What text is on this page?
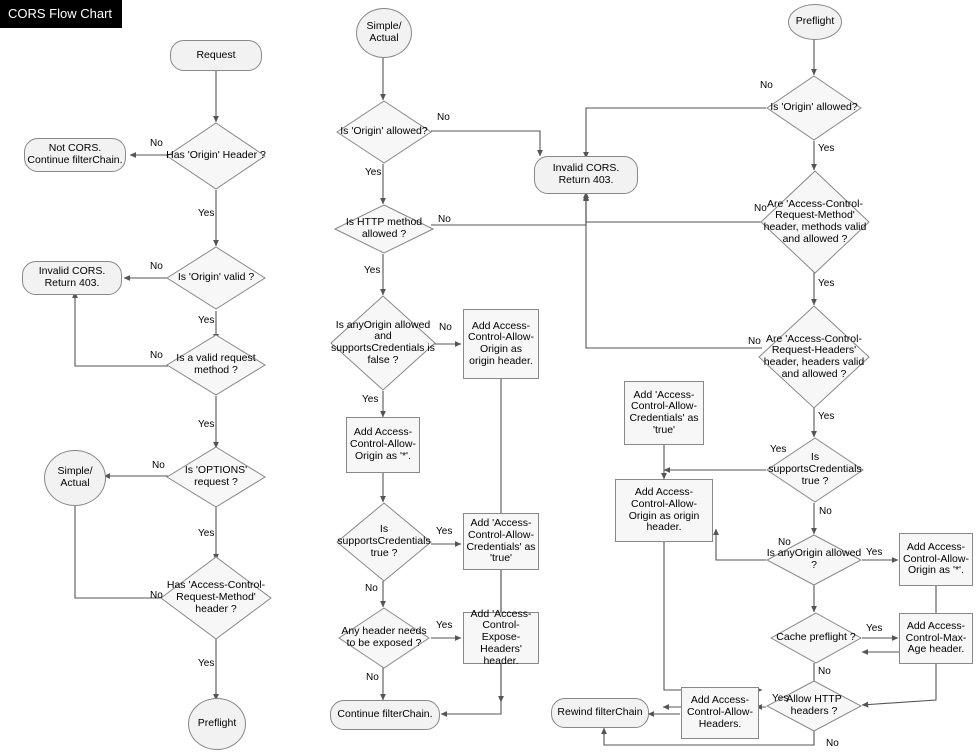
CORS Flow Chart
Request
Has 'Origin' Header ?
Not CORS. Continue filterChain.
Is 'Origin' valid ?
Invalid CORS. Return 403.
Is a valid request method ?
Is 'OPTIONS' request ?
Simple/ Actual
Has 'Access-Control-Request-Method' header ?
Preflight
No
Yes
No
Yes
No
Yes
No
Yes
No
Yes
Simple/ Actual
Is 'Origin' allowed?
Invalid CORS. Return 403.
Is HTTP method allowed ?
Is anyOrigin allowed and supportsCredentials is false ?
Add Access-Control-Allow-Origin as origin header.
Add Access-Control-Allow-Origin as '*'.
Is supportsCredentials true ?
Add 'Access-Control-Allow-Credentials' as 'true'
Any header needs to be exposed ?
Add 'Access-Control-Expose-Headers' header.
Continue filterChain.
No
Yes
No
Yes
No
Yes
Yes
No
Yes
No
Preflight
Is 'Origin' allowed?
Are 'Access-Control-Request-Method' header, methods valid and allowed ?
Are 'Access-Control-Request-Headers' header, headers valid and allowed ?
Add 'Access-Control-Allow-Credentials' as 'true'
Is supportsCredentials true ?
Add Access-Control-Allow-Origin as origin header.
Is anyOrigin allowed ?
Add Access-Control-Allow-Origin as '*'.
Cache preflight ?
Add Access-Control-Max-Age header.
Allow HTTP headers ?
Add Access-Control-Allow-Headers.
Rewind filterChain
No
Yes
No
Yes
No
Yes
Yes
No
No
Yes
Yes
No
Yes
No
